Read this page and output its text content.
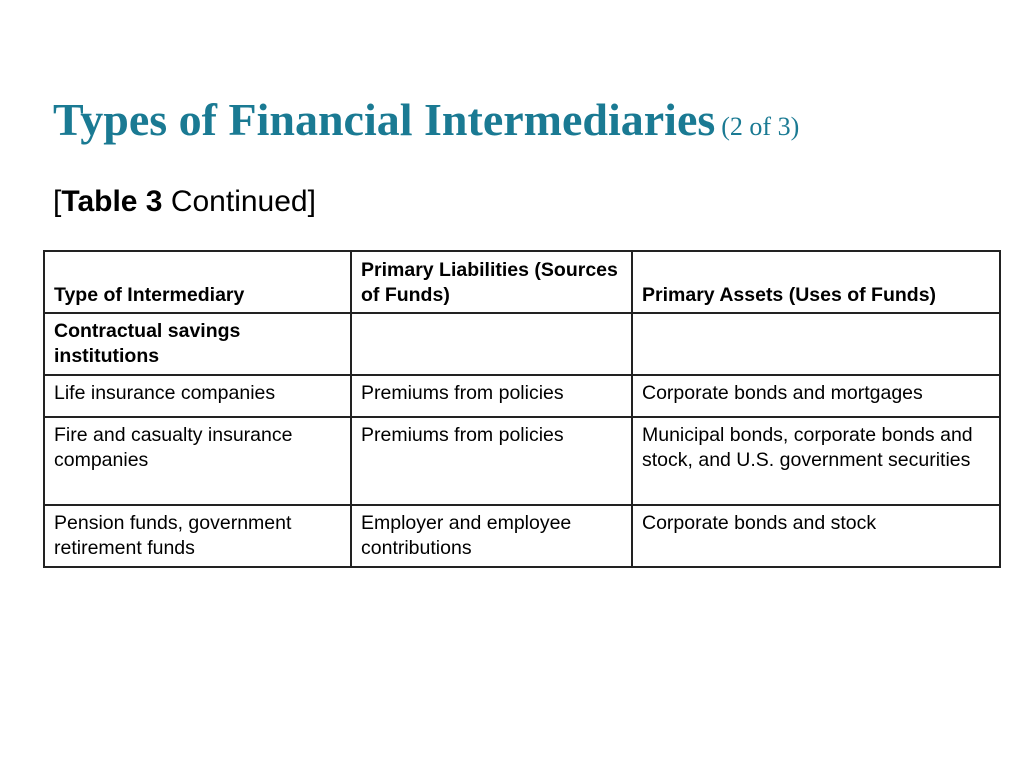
Types of Financial Intermediaries (2 of 3)

[Table 3 Continued]

Type of Intermediary	Primary Liabilities (Sources of Funds)	Primary Assets (Uses of Funds)
Contractual savings institutions		
Life insurance companies	Premiums from policies	Corporate bonds and mortgages
Fire and casualty insurance companies	Premiums from policies	Municipal bonds, corporate bonds and stock, and U.S. government securities
Pension funds, government retirement funds	Employer and employee contributions	Corporate bonds and stock
